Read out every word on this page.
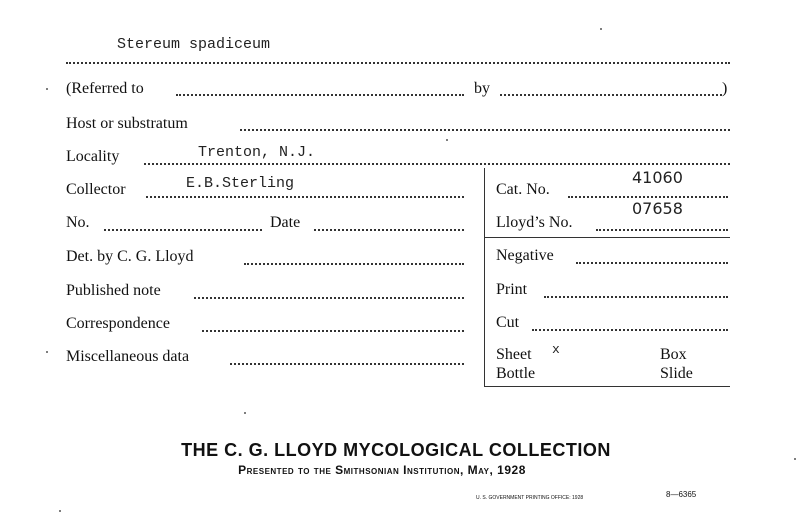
Stereum spadiceum
(Referred to	by	)
Host or substratum
Locality	Trenton, N.J.
Collector	E.B.Sterling
No.	Date
Det. by C. G. Lloyd
Published note
Correspondence
Miscellaneous data
Cat. No.
41060
Lloyd’s No.
07658
Negative
Print
Cut
Sheet x	Box
Bottle	Slide
THE C. G. LLOYD MYCOLOGICAL COLLECTION
Presented to the Smithsonian Institution, May, 1928
U. S. GOVERNMENT PRINTING OFFICE: 1928	8—6365
